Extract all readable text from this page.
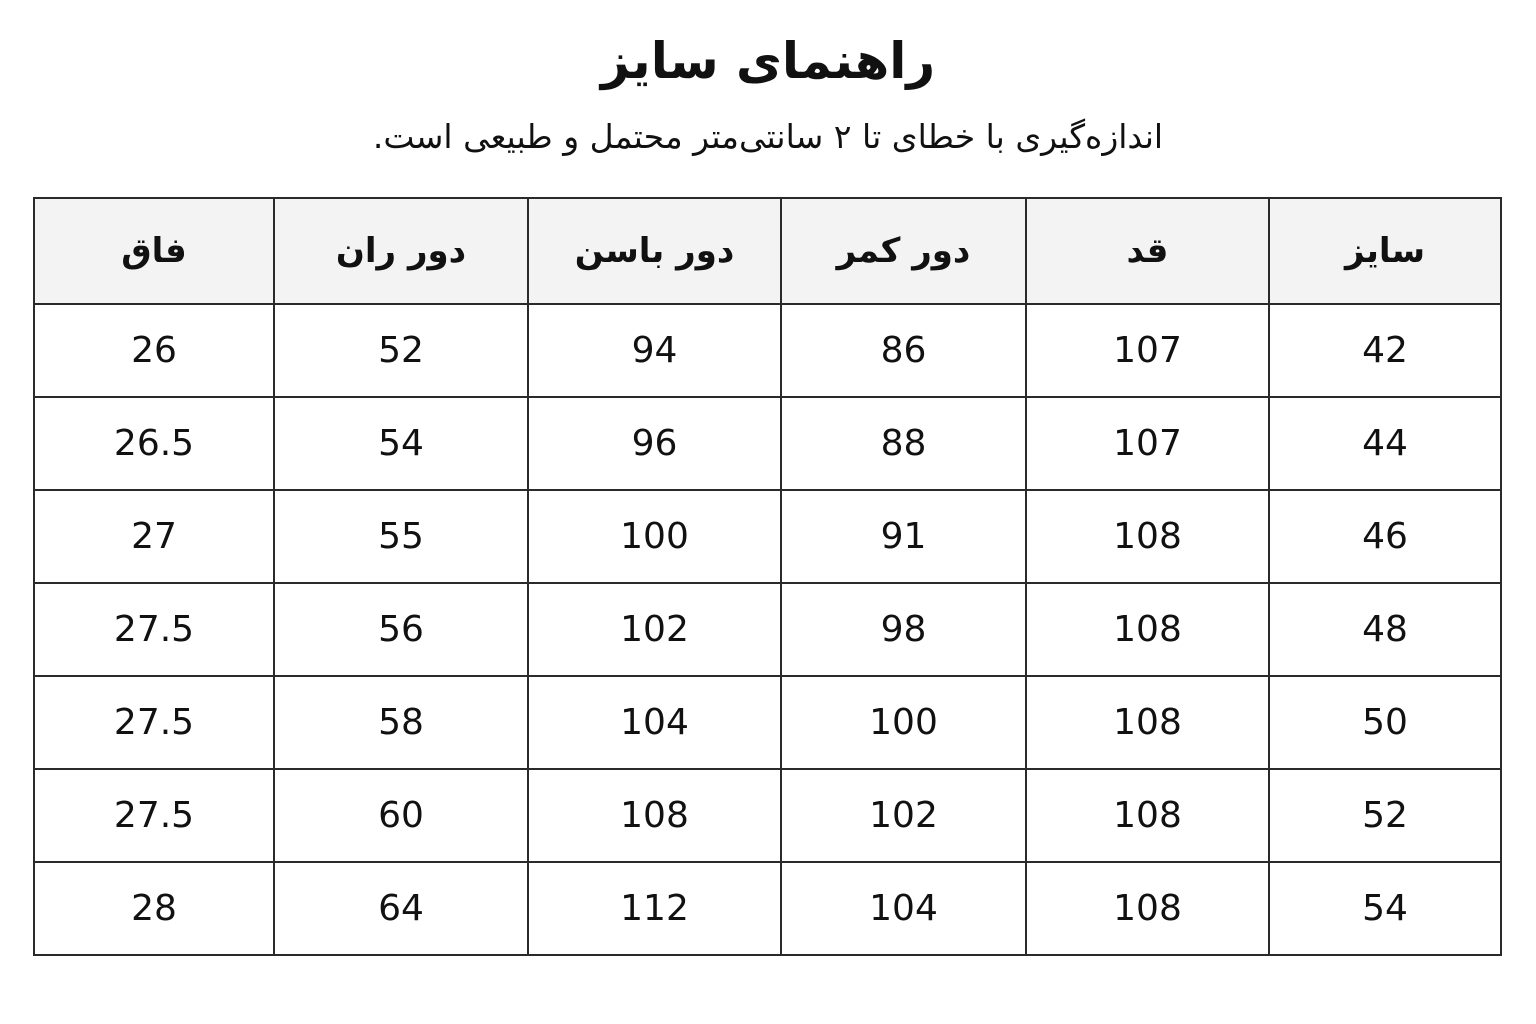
راهنمای سایز
اندازه‌گیری با خطای تا ۲ سانتی‌متر محتمل و طبیعی است.
سایز	قد	دور کمر	دور باسن	دور ران	فاق
42	107	86	94	52	26
44	107	88	96	54	26.5
46	108	91	100	55	27
48	108	98	102	56	27.5
50	108	100	104	58	27.5
52	108	102	108	60	27.5
54	108	104	112	64	28
